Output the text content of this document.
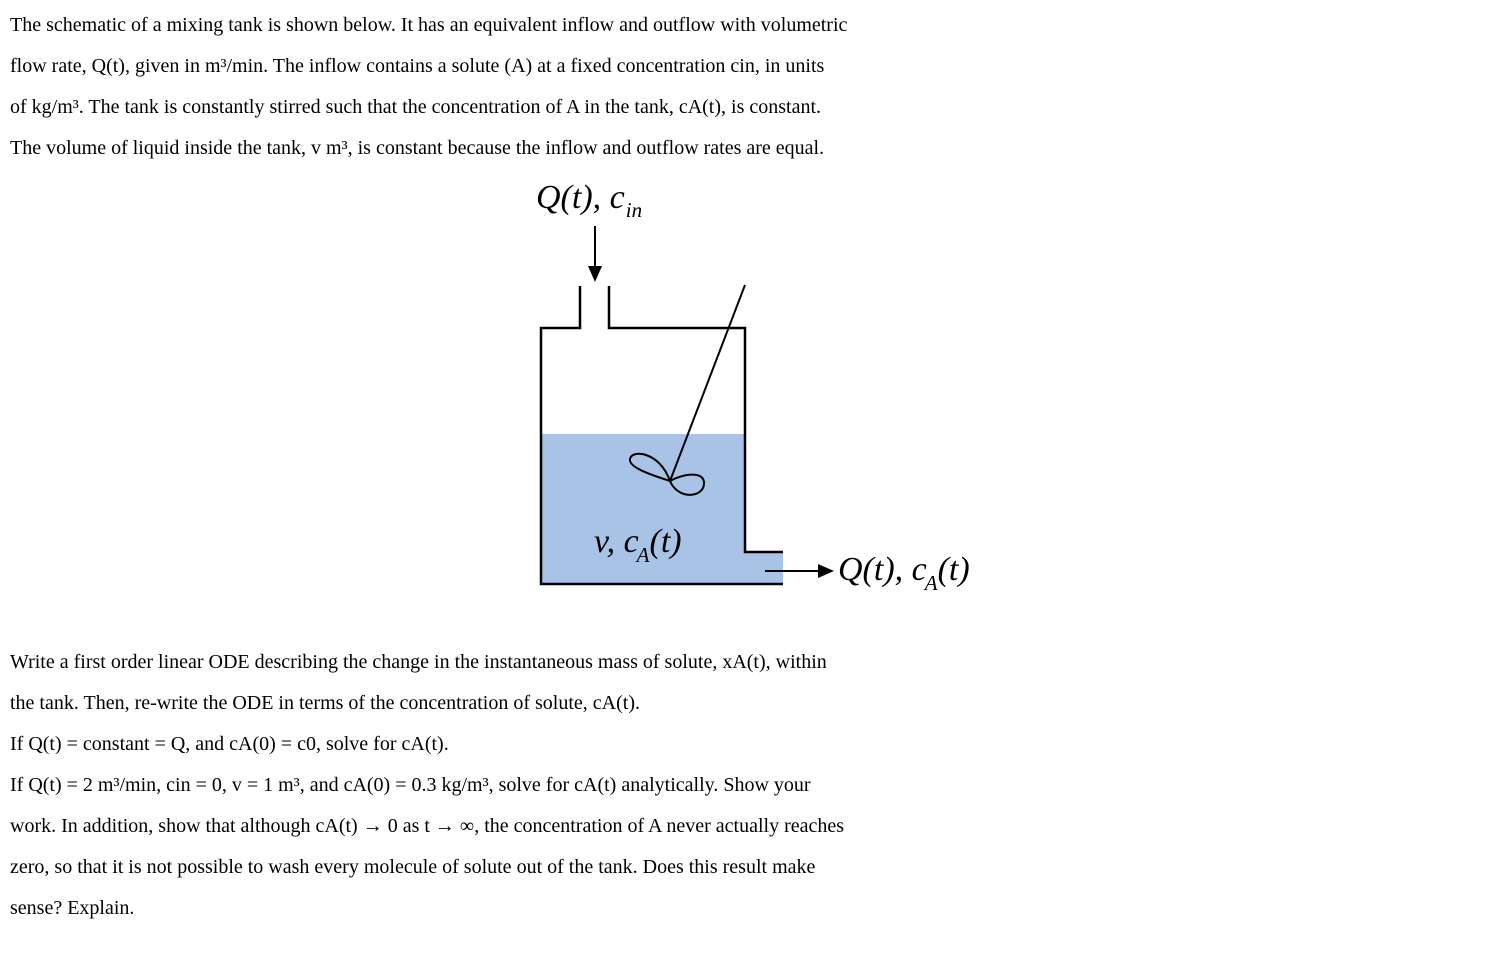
The schematic of a mixing tank is shown below. It has an equivalent inflow and outflow with volumetric
flow rate, Q(t), given in m³/min. The inflow contains a solute (A) at a fixed concentration cin, in units
of kg/m³. The tank is constantly stirred such that the concentration of A in the tank, cA(t), is constant.
The volume of liquid inside the tank, v m³, is constant because the inflow and outflow rates are equal.
Q(t), $c_{in}$
v, cA(t)
Q(t), cA(t)
Write a first order linear ODE describing the change in the instantaneous mass of solute, xA(t), within
the tank. Then, re-write the ODE in terms of the concentration of solute, cA(t).
If Q(t) = constant = Q, and cA(0) = c0, solve for cA(t).
If Q(t) = 2 m³/min, cin = 0, v = 1 m³, and cA(0) = 0.3 kg/m³, solve for cA(t) analytically. Show your
work. In addition, show that although cA(t) → 0 as t → ∞, the concentration of A never actually reaches
zero, so that it is not possible to wash every molecule of solute out of the tank. Does this result make
sense? Explain.
